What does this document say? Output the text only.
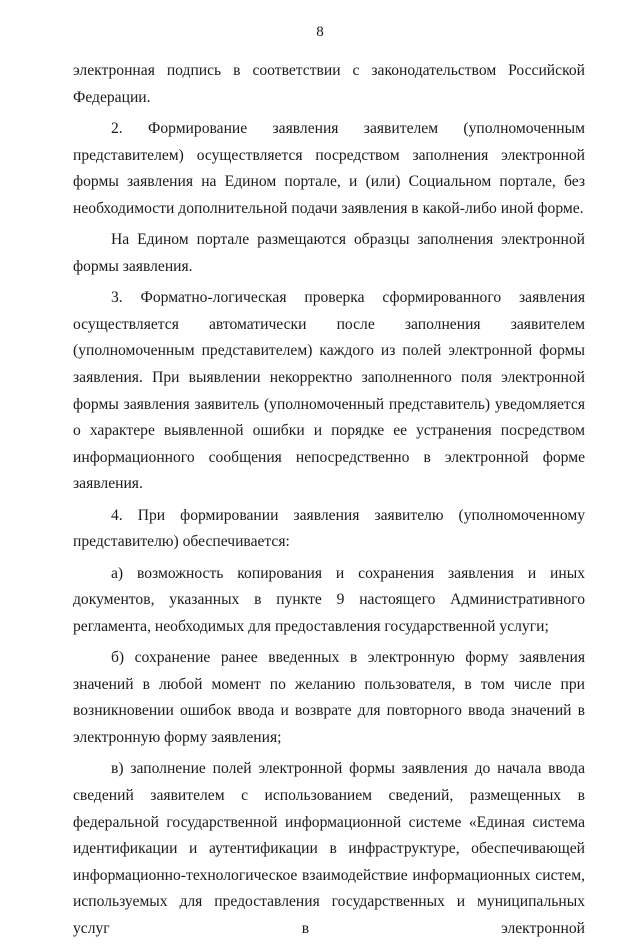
8

электронная подпись в соответствии с законодательством Российской Федерации.

2. Формирование заявления заявителем (уполномоченным представителем) осуществляется посредством заполнения электронной формы заявления на Едином портале, и (или) Социальном портале, без необходимости дополнительной подачи заявления в какой-либо иной форме.

На Едином портале размещаются образцы заполнения электронной формы заявления.

3. Форматно-логическая проверка сформированного заявления осуществляется автоматически после заполнения заявителем (уполномоченным представителем) каждого из полей электронной формы заявления. При выявлении некорректно заполненного поля электронной формы заявления заявитель (уполномоченный представитель) уведомляется о характере выявленной ошибки и порядке ее устранения посредством информационного сообщения непосредственно в электронной форме заявления.

4. При формировании заявления заявителю (уполномоченному представителю) обеспечивается:

а) возможность копирования и сохранения заявления и иных документов, указанных в пункте 9 настоящего Административного регламента, необходимых для предоставления государственной услуги;

б) сохранение ранее введенных в электронную форму заявления значений в любой момент по желанию пользователя, в том числе при возникновении ошибок ввода и возврате для повторного ввода значений в электронную форму заявления;

в) заполнение полей электронной формы заявления до начала ввода сведений заявителем с использованием сведений, размещенных в федеральной государственной информационной системе «Единая система идентификации и аутентификации в инфраструктуре, обеспечивающей информационно-технологическое взаимодействие информационных систем, используемых для предоставления государственных и муниципальных услуг в электронной
